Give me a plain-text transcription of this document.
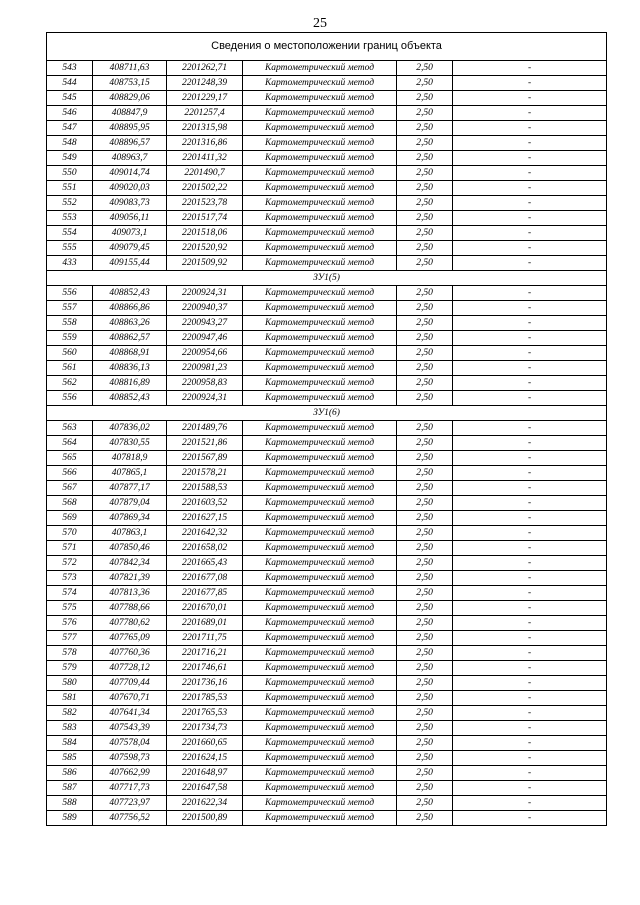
25
Сведения о местоположении границ объекта					
543	408711,63	2201262,71	Картометрический метод	2,50	-
544	408753,15	2201248,39	Картометрический метод	2,50	-
545	408829,06	2201229,17	Картометрический метод	2,50	-
546	408847,9	2201257,4	Картометрический метод	2,50	-
547	408895,95	2201315,98	Картометрический метод	2,50	-
548	408896,57	2201316,86	Картометрический метод	2,50	-
549	408963,7	2201411,32	Картометрический метод	2,50	-
550	409014,74	2201490,7	Картометрический метод	2,50	-
551	409020,03	2201502,22	Картометрический метод	2,50	-
552	409083,73	2201523,78	Картометрический метод	2,50	-
553	409056,11	2201517,74	Картометрический метод	2,50	-
554	409073,1	2201518,06	Картометрический метод	2,50	-
555	409079,45	2201520,92	Картометрический метод	2,50	-
433	409155,44	2201509,92	Картометрический метод	2,50	-
ЗУ1(5)					
556	408852,43	2200924,31	Картометрический метод	2,50	-
557	408866,86	2200940,37	Картометрический метод	2,50	-
558	408863,26	2200943,27	Картометрический метод	2,50	-
559	408862,57	2200947,46	Картометрический метод	2,50	-
560	408868,91	2200954,66	Картометрический метод	2,50	-
561	408836,13	2200981,23	Картометрический метод	2,50	-
562	408816,89	2200958,83	Картометрический метод	2,50	-
556	408852,43	2200924,31	Картометрический метод	2,50	-
ЗУ1(6)					
563	407836,02	2201489,76	Картометрический метод	2,50	-
564	407830,55	2201521,86	Картометрический метод	2,50	-
565	407818,9	2201567,89	Картометрический метод	2,50	-
566	407865,1	2201578,21	Картометрический метод	2,50	-
567	407877,17	2201588,53	Картометрический метод	2,50	-
568	407879,04	2201603,52	Картометрический метод	2,50	-
569	407869,34	2201627,15	Картометрический метод	2,50	-
570	407863,1	2201642,32	Картометрический метод	2,50	-
571	407850,46	2201658,02	Картометрический метод	2,50	-
572	407842,34	2201665,43	Картометрический метод	2,50	-
573	407821,39	2201677,08	Картометрический метод	2,50	-
574	407813,36	2201677,85	Картометрический метод	2,50	-
575	407788,66	2201670,01	Картометрический метод	2,50	-
576	407780,62	2201689,01	Картометрический метод	2,50	-
577	407765,09	2201711,75	Картометрический метод	2,50	-
578	407760,36	2201716,21	Картометрический метод	2,50	-
579	407728,12	2201746,61	Картометрический метод	2,50	-
580	407709,44	2201736,16	Картометрический метод	2,50	-
581	407670,71	2201785,53	Картометрический метод	2,50	-
582	407641,34	2201765,53	Картометрический метод	2,50	-
583	407543,39	2201734,73	Картометрический метод	2,50	-
584	407578,04	2201660,65	Картометрический метод	2,50	-
585	407598,73	2201624,15	Картометрический метод	2,50	-
586	407662,99	2201648,97	Картометрический метод	2,50	-
587	407717,73	2201647,58	Картометрический метод	2,50	-
588	407723,97	2201622,34	Картометрический метод	2,50	-
589	407756,52	2201500,89	Картометрический метод	2,50	-
